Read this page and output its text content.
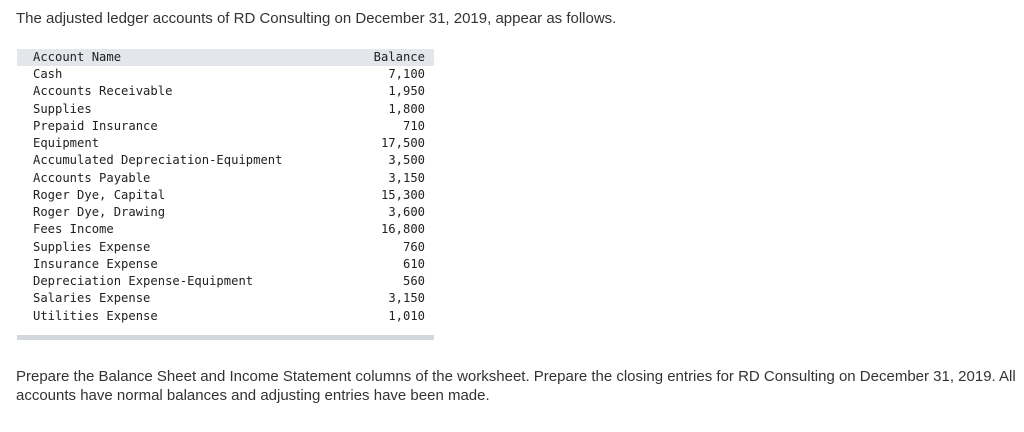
The adjusted ledger accounts of RD Consulting on December 31, 2019, appear as follows.
Account Name	Balance
Cash	7,100
Accounts Receivable	1,950
Supplies	1,800
Prepaid Insurance	710
Equipment	17,500
Accumulated Depreciation-Equipment	3,500
Accounts Payable	3,150
Roger Dye, Capital	15,300
Roger Dye, Drawing	3,600
Fees Income	16,800
Supplies Expense	760
Insurance Expense	610
Depreciation Expense-Equipment	560
Salaries Expense	3,150
Utilities Expense	1,010
Prepare the Balance Sheet and Income Statement columns of the worksheet. Prepare the closing entries for RD Consulting on December 31, 2019. All accounts have normal balances and adjusting entries have been made.
